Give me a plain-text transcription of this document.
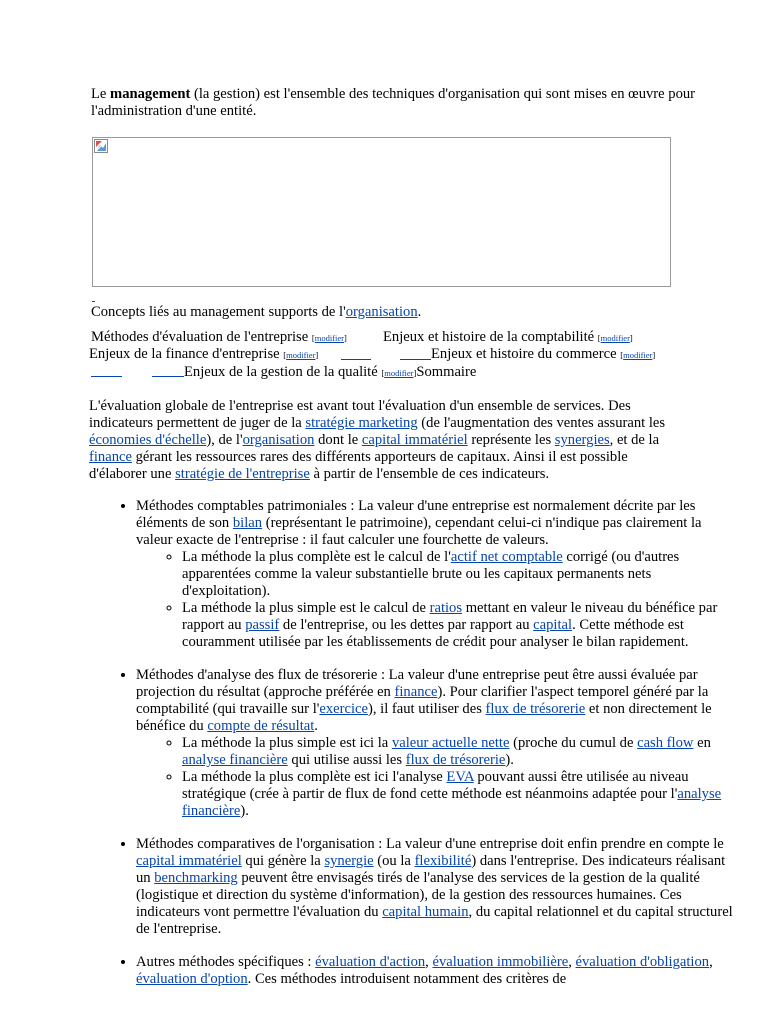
Le management (la gestion) est l'ensemble des techniques d'organisation qui sont mises en œuvre pour l'administration d'une entité.
Concepts liés au management supports de l'organisation.
Méthodes d'évaluation de l'entreprise [modifier] Enjeux et histoire de la comptabilité [modifier]
Enjeux de la finance d'entreprise [modifier]	Enjeux et histoire du commerce [modifier]
Enjeux de la gestion de la qualité [modifier]Sommaire
L'évaluation globale de l'entreprise est avant tout l'évaluation d'un ensemble de services. Des indicateurs permettent de juger de la stratégie marketing (de l'augmentation des ventes assurant les économies d'échelle), de l'organisation dont le capital immatériel représente les synergies, et de la finance gérant les ressources rares des différents apporteurs de capitaux. Ainsi il est possible d'élaborer une stratégie de l'entreprise à partir de l'ensemble de ces indicateurs.
• Méthodes comptables patrimoniales : La valeur d'une entreprise est normalement décrite par les éléments de son bilan (représentant le patrimoine), cependant celui-ci n'indique pas clairement la valeur exacte de l'entreprise : il faut calculer une fourchette de valeurs.
◦ La méthode la plus complète est le calcul de l'actif net comptable corrigé (ou d'autres apparentées comme la valeur substantielle brute ou les capitaux permanents nets d'exploitation).
◦ La méthode la plus simple est le calcul de ratios mettant en valeur le niveau du bénéfice par rapport au passif de l'entreprise, ou les dettes par rapport au capital. Cette méthode est couramment utilisée par les établissements de crédit pour analyser le bilan rapidement.
• Méthodes d'analyse des flux de trésorerie : La valeur d'une entreprise peut être aussi évaluée par projection du résultat (approche préférée en finance). Pour clarifier l'aspect temporel généré par la comptabilité (qui travaille sur l'exercice), il faut utiliser des flux de trésorerie et non directement le bénéfice du compte de résultat.
◦ La méthode la plus simple est ici la valeur actuelle nette (proche du cumul de cash flow en analyse financière qui utilise aussi les flux de trésorerie).
◦ La méthode la plus complète est ici l'analyse EVA pouvant aussi être utilisée au niveau stratégique (crée à partir de flux de fond cette méthode est néanmoins adaptée pour l'analyse financière).
• Méthodes comparatives de l'organisation : La valeur d'une entreprise doit enfin prendre en compte le capital immatériel qui génère la synergie (ou la flexibilité) dans l'entreprise. Des indicateurs réalisant un benchmarking peuvent être envisagés tirés de l'analyse des services de la gestion de la qualité (logistique et direction du système d'information), de la gestion des ressources humaines. Ces indicateurs vont permettre l'évaluation du capital humain, du capital relationnel et du capital structurel de l'entreprise.
• Autres méthodes spécifiques : évaluation d'action, évaluation immobilière, évaluation d'obligation, évaluation d'option. Ces méthodes introduisent notamment des critères de
